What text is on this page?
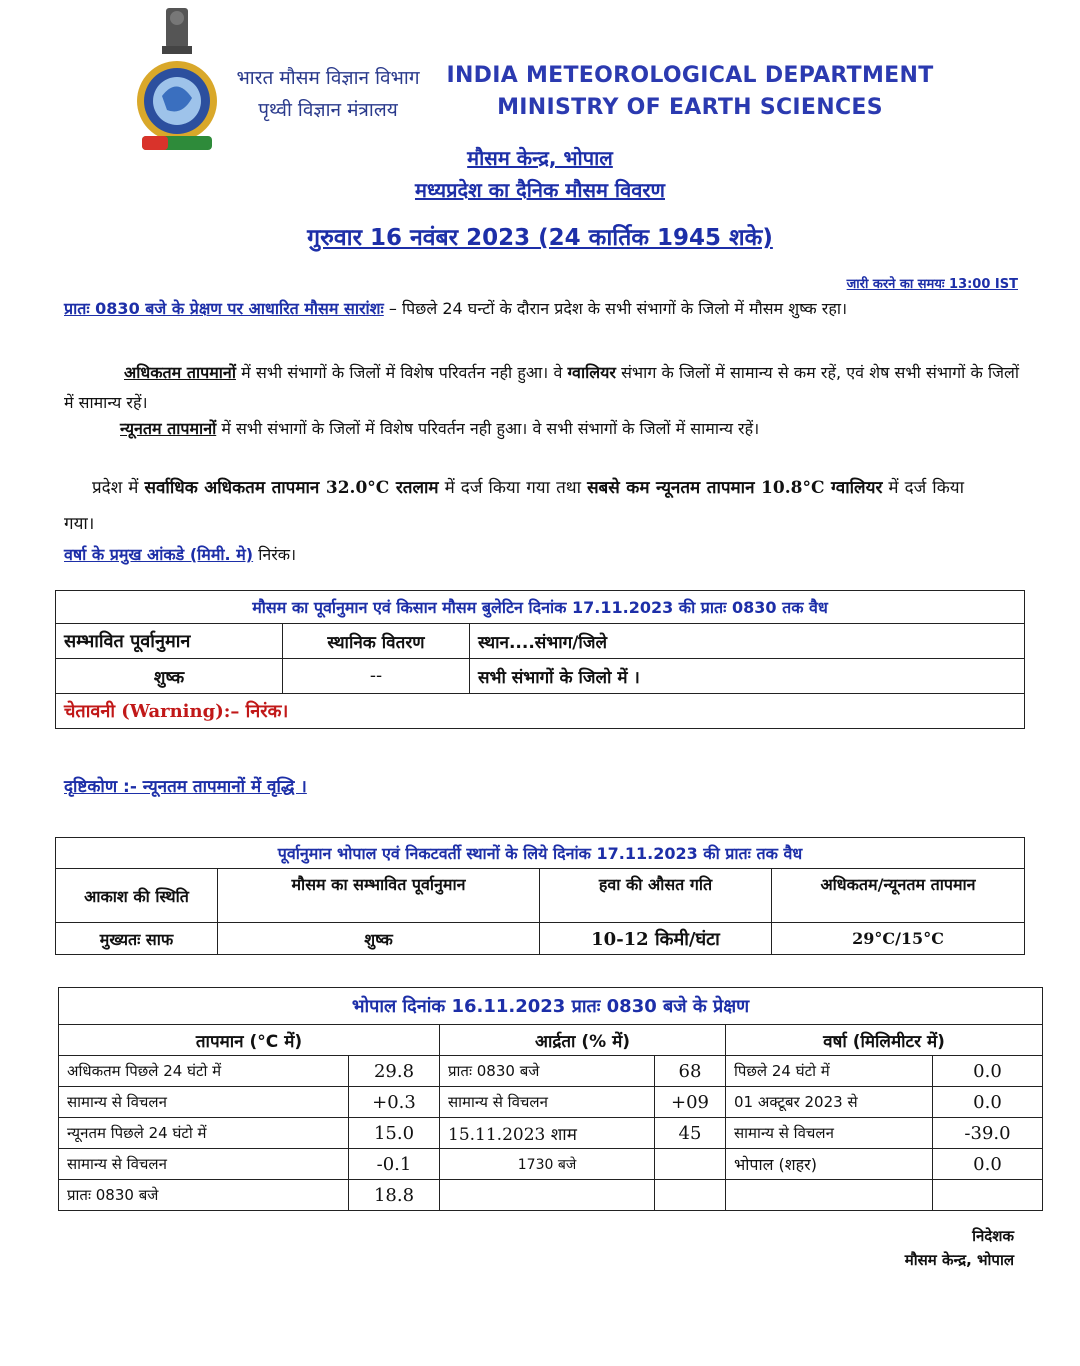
भारत मौसम विज्ञान विभाग
पृथ्वी विज्ञान मंत्रालय
INDIA METEOROLOGICAL DEPARTMENT
MINISTRY OF EARTH SCIENCES
मौसम केन्द्र, भोपाल
मध्यप्रदेश का दैनिक मौसम विवरण
गुरुवार 16 नवंबर 2023 (24 कार्तिक 1945 शके)
जारी करने का समयः 13:00 IST

प्रातः 0830 बजे के प्रेक्षण पर आधारित मौसम सारांशः – पिछले 24 घन्टों के दौरान प्रदेश के सभी संभागों के जिलो में मौसम शुष्क रहा।

अधिकतम तापमानों में सभी संभागों के जिलों में विशेष परिवर्तन नही हुआ। वे ग्वालियर संभाग के जिलों में सामान्य से कम रहें, एवं शेष सभी संभागों के जिलों में सामान्य रहें।

न्यूनतम तापमानों में सभी संभागों के जिलों में विशेष परिवर्तन नही हुआ। वे सभी संभागों के जिलों में सामान्य रहें।

प्रदेश में सर्वाधिक अधिकतम तापमान 32.0°C रतलाम में दर्ज किया गया तथा सबसे कम न्यूनतम तापमान 10.8°C ग्वालियर में दर्ज किया गया।

वर्षा के प्रमुख आंकडे (मिमी. मे) निरंक।
मौसम का पूर्वानुमान एवं किसान मौसम बुलेटिन दिनांक 17.11.2023 की प्रातः 0830 तक वैध		
सम्भावित पूर्वानुमान	स्थानिक वितरण	स्थान....संभाग/जिले
शुष्क	--	सभी संभागों के जिलो में ।
चेतावनी (Warning):– निरंक।		
दृष्टिकोण :- न्यूनतम तापमानों में वृद्धि ।
पूर्वानुमान भोपाल एवं निकटवर्ती स्थानों के लिये दिनांक 17.11.2023 की प्रातः तक वैध			
आकाश की स्थिति	मौसम का सम्भावित पूर्वानुमान	हवा की औसत गति	अधिकतम/न्यूनतम तापमान
मुख्यतः साफ	शुष्क	10-12 किमी/घंटा	29°C/15°C
भोपाल दिनांक 16.11.2023 प्रातः 0830 बजे के प्रेक्षण					
तापमान (°C में)		आर्द्रता (% में)		वर्षा (मिलिमीटर में)	
अधिकतम पिछले 24 घंटो में	29.8	प्रातः 0830 बजे	68	पिछले 24 घंटो में	0.0
सामान्य से विचलन	+0.3	सामान्य से विचलन	+09	01 अक्टूबर 2023 से	0.0
न्यूनतम पिछले 24 घंटो में	15.0	15.11.2023 शाम	45	सामान्य से विचलन	-39.0
सामान्य से विचलन	-0.1	1730 बजे		भोपाल (शहर)	0.0
प्रातः 0830 बजे	18.8				
निदेशक
मौसम केन्द्र, भोपाल
